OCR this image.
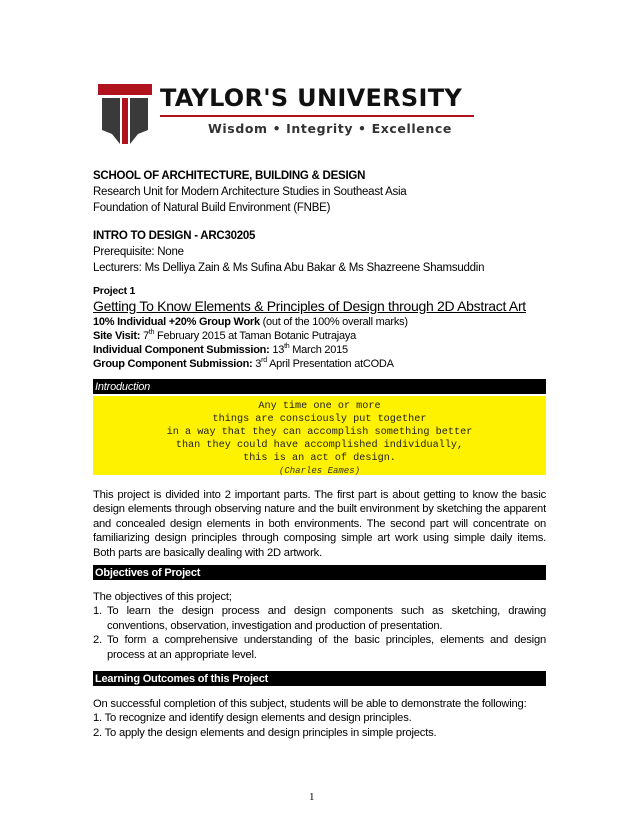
TAYLOR'S UNIVERSITY
Wisdom • Integrity • Excellence
SCHOOL OF ARCHITECTURE, BUILDING & DESIGN
Research Unit for Modern Architecture Studies in Southeast Asia
Foundation of Natural Build Environment (FNBE)
INTRO TO DESIGN - ARC30205
Prerequisite: None
Lecturers: Ms Delliya Zain & Ms Sufina Abu Bakar & Ms Shazreene Shamsuddin
Project 1
Getting To Know Elements & Principles of Design through 2D Abstract Art
10% Individual +20% Group Work (out of the 100% overall marks)
Site Visit: 7th February 2015 at Taman Botanic Putrajaya
Individual Component Submission: 13th March 2015
Group Component Submission: 3rd April Presentation atCODA
Introduction
Any time one or more
things are consciously put together
in a way that they can accomplish something better
than they could have accomplished individually,
this is an act of design.
(Charles Eames)
This project is divided into 2 important parts. The first part is about getting to know the basic design elements through observing nature and the built environment by sketching the apparent and concealed design elements in both environments. The second part will concentrate on familiarizing design principles through composing simple art work using simple daily items. Both parts are basically dealing with 2D artwork.
Objectives of Project
The objectives of this project;
1. To learn the design process and design components such as sketching, drawing conventions, observation, investigation and production of presentation.
2. To form a comprehensive understanding of the basic principles, elements and design process at an appropriate level.
Learning Outcomes of this Project
On successful completion of this subject, students will be able to demonstrate the following:
1. To recognize and identify design elements and design principles.
2. To apply the design elements and design principles in simple projects.
1
